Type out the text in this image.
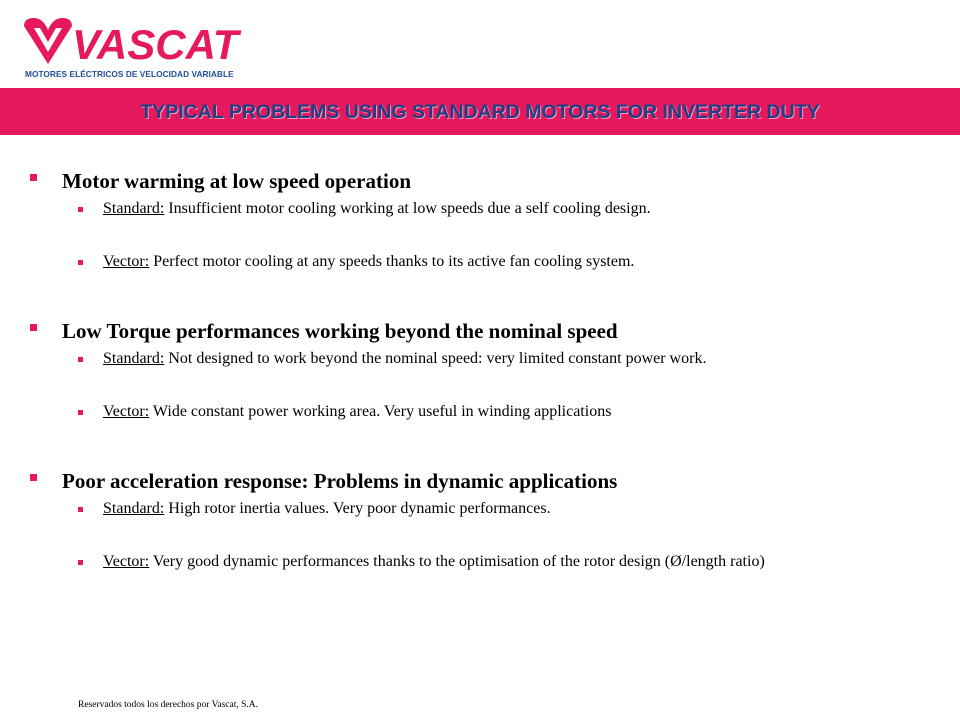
VASCAT
MOTORES ELÉCTRICOS DE VELOCIDAD VARIABLE
TYPICAL PROBLEMS USING STANDARD MOTORS FOR INVERTER DUTY
Motor warming at low speed operation
Standard: Insufficient motor cooling working at low speeds due a self cooling design.
Vector: Perfect motor cooling at any speeds thanks to its active fan cooling system.
Low Torque performances working beyond the nominal speed
Standard: Not designed to work beyond the nominal speed: very limited constant power work.
Vector: Wide constant power working area. Very useful in winding applications
Poor acceleration response: Problems in dynamic applications
Standard: High rotor inertia values. Very poor dynamic performances.
Vector: Very good dynamic performances thanks to the optimisation of the rotor design (Ø/length ratio)
Reservados todos los derechos por Vascat, S.A.
